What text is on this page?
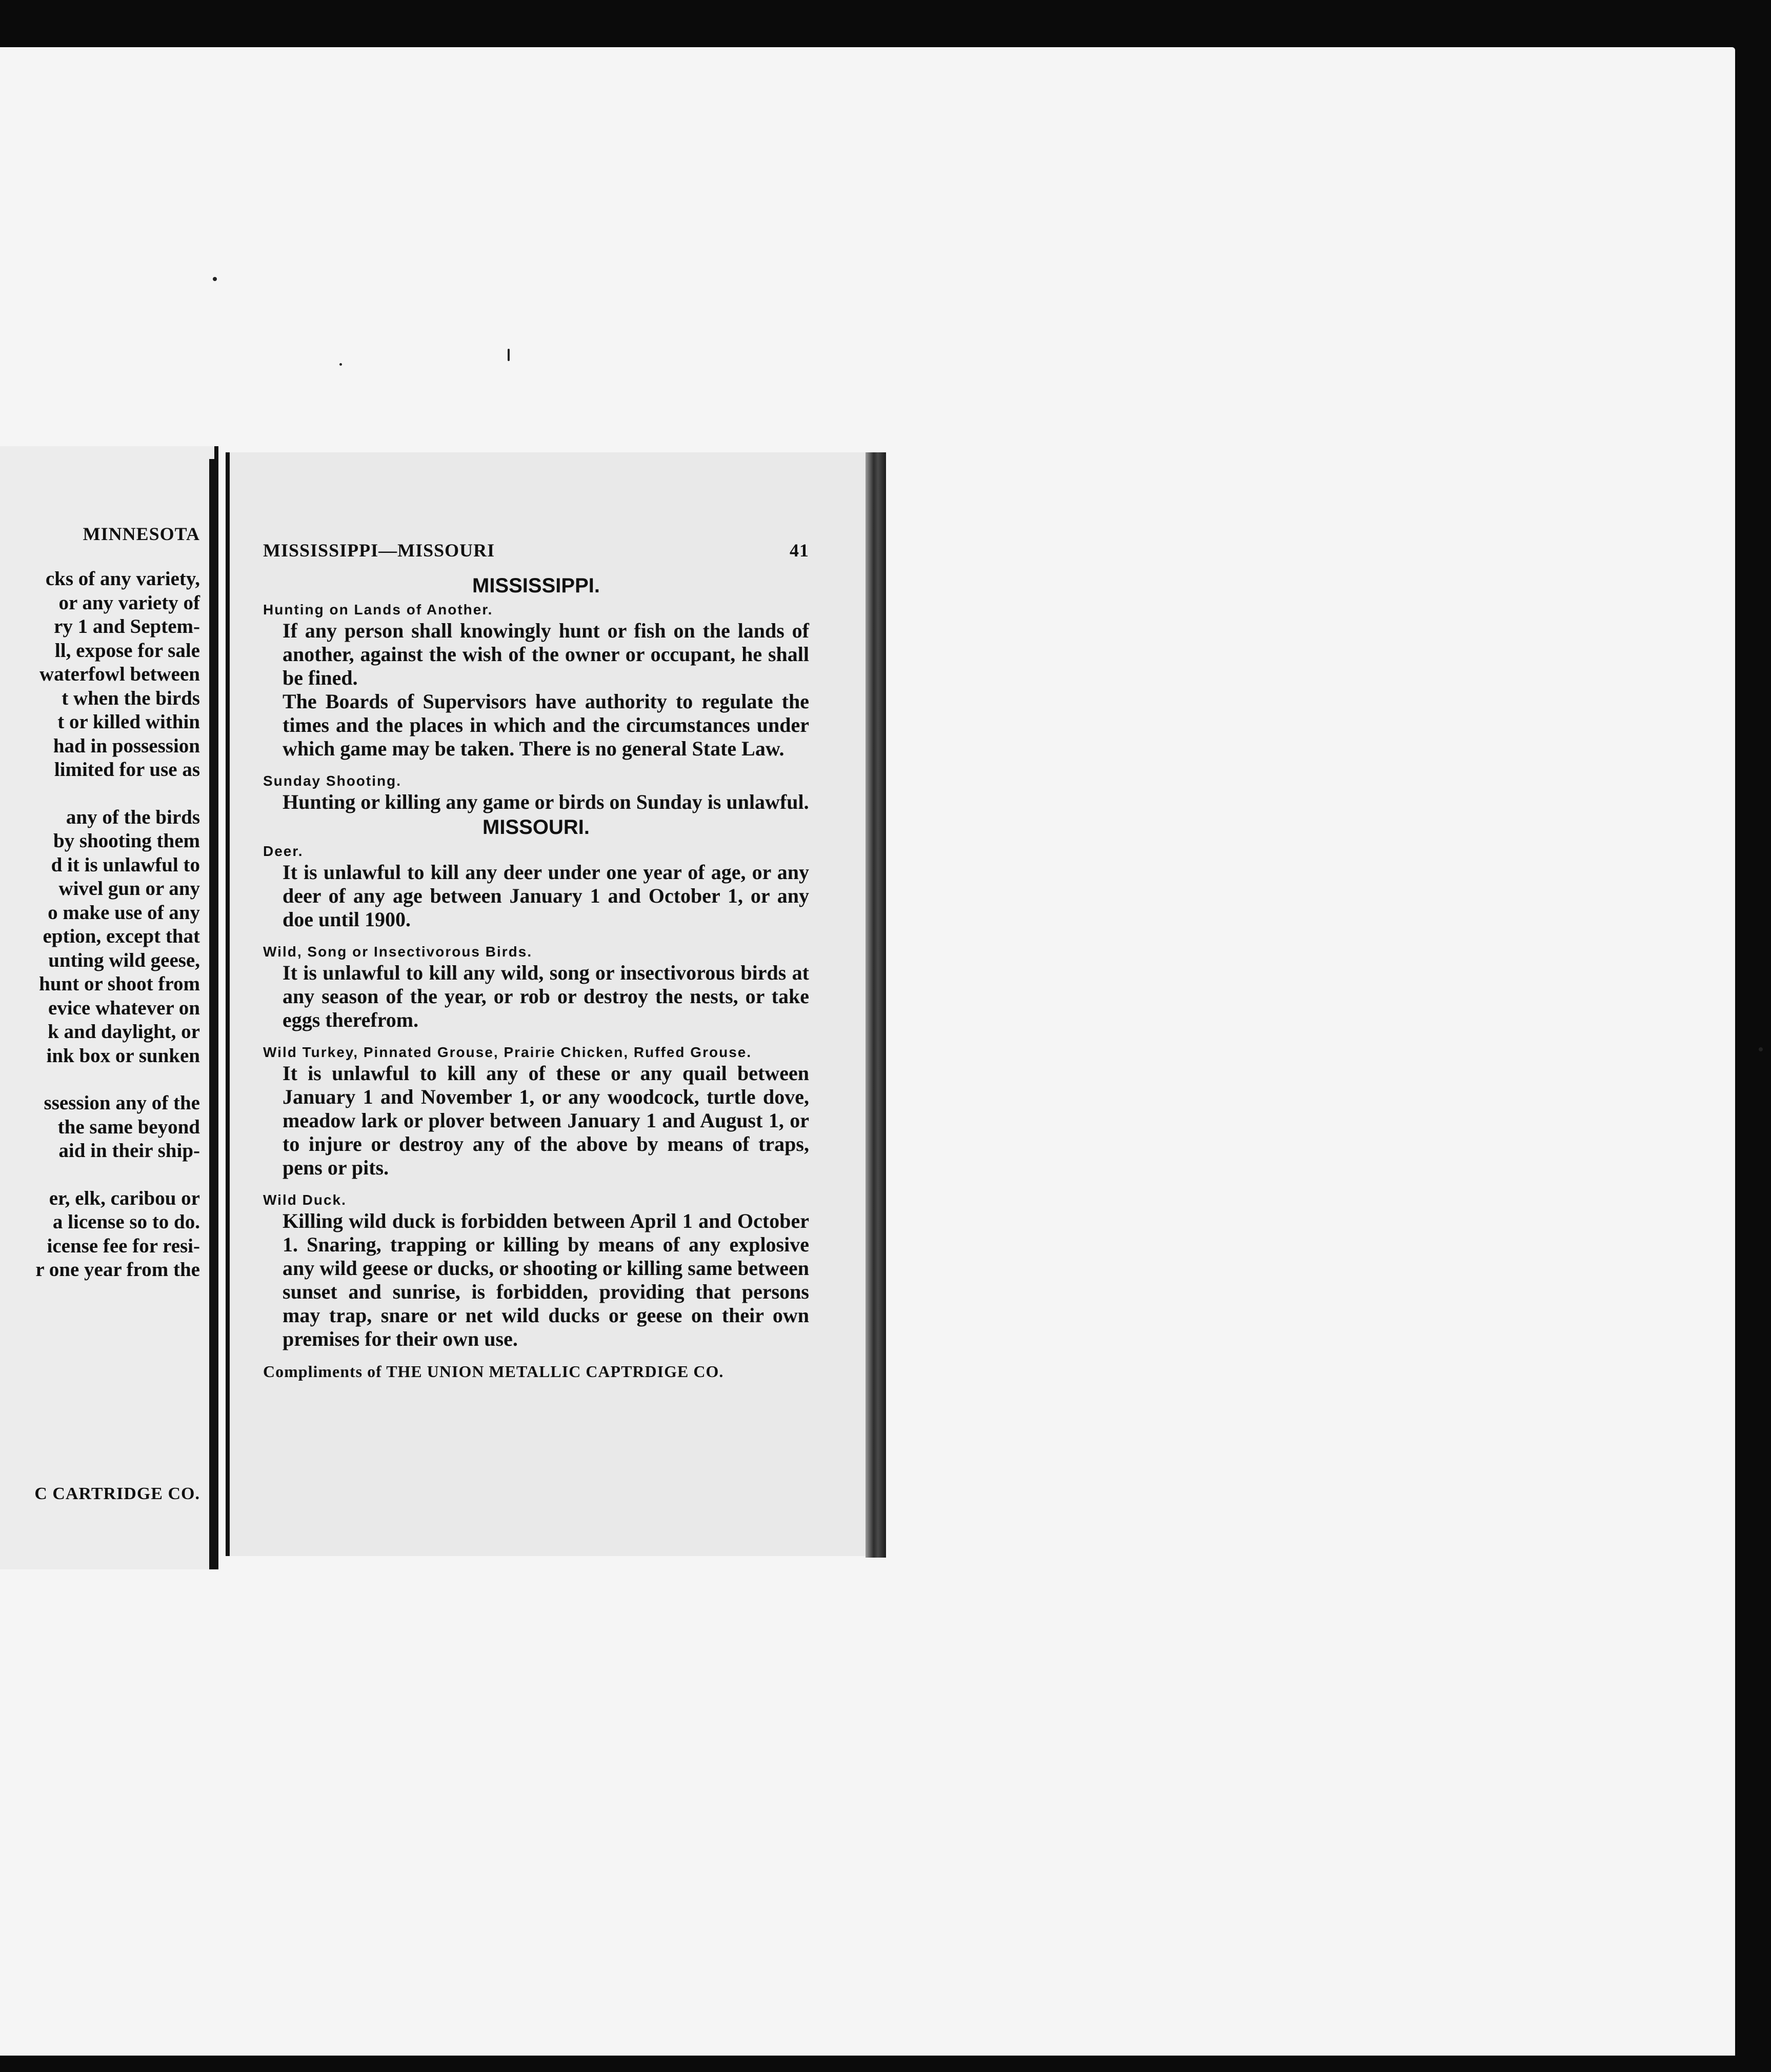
MINNESOTA
cks of any variety,
or any variety of
ry 1 and Septem-
ll, expose for sale
waterfowl between
t when the birds
t or killed within
had in possession
limited for use as
any of the birds
by shooting them
d it is unlawful to
wivel gun or any
o make use of any
eption, except that
unting wild geese,
hunt or shoot from
evice whatever on
k and daylight, or
ink box or sunken
ssession any of the
the same beyond
aid in their ship-
er, elk, caribou or
a license so to do.
icense fee for resi-
r one year from the
C CARTRIDGE CO.
MISSISSIPPI—MISSOURI	41
MISSISSIPPI.
Hunting on Lands of Another.

If any person shall knowingly hunt or fish on the lands of another, against the wish of the owner or occupant, he shall be fined.

The Boards of Supervisors have authority to regulate the times and the places in which and the circumstances under which game may be taken. There is no general State Law.

Sunday Shooting.

Hunting or killing any game or birds on Sunday is unlawful.

MISSOURI.
Deer.

It is unlawful to kill any deer under one year of age, or any deer of any age between January 1 and October 1, or any doe until 1900.

Wild, Song or Insectivorous Birds.

It is unlawful to kill any wild, song or insectivorous birds at any season of the year, or rob or destroy the nests, or take eggs therefrom.

Wild Turkey, Pinnated Grouse, Prairie Chicken, Ruffed Grouse.

It is unlawful to kill any of these or any quail between January 1 and November 1, or any woodcock, turtle dove, meadow lark or plover between January 1 and August 1, or to injure or destroy any of the above by means of traps, pens or pits.

Wild Duck.

Killing wild duck is forbidden between April 1 and October 1. Snaring, trapping or killing by means of any explosive any wild geese or ducks, or shooting or killing same between sunset and sunrise, is forbidden, providing that persons may trap, snare or net wild ducks or geese on their own premises for their own use.

Compliments of THE UNION METALLIC CAPTRDIGE CO.
